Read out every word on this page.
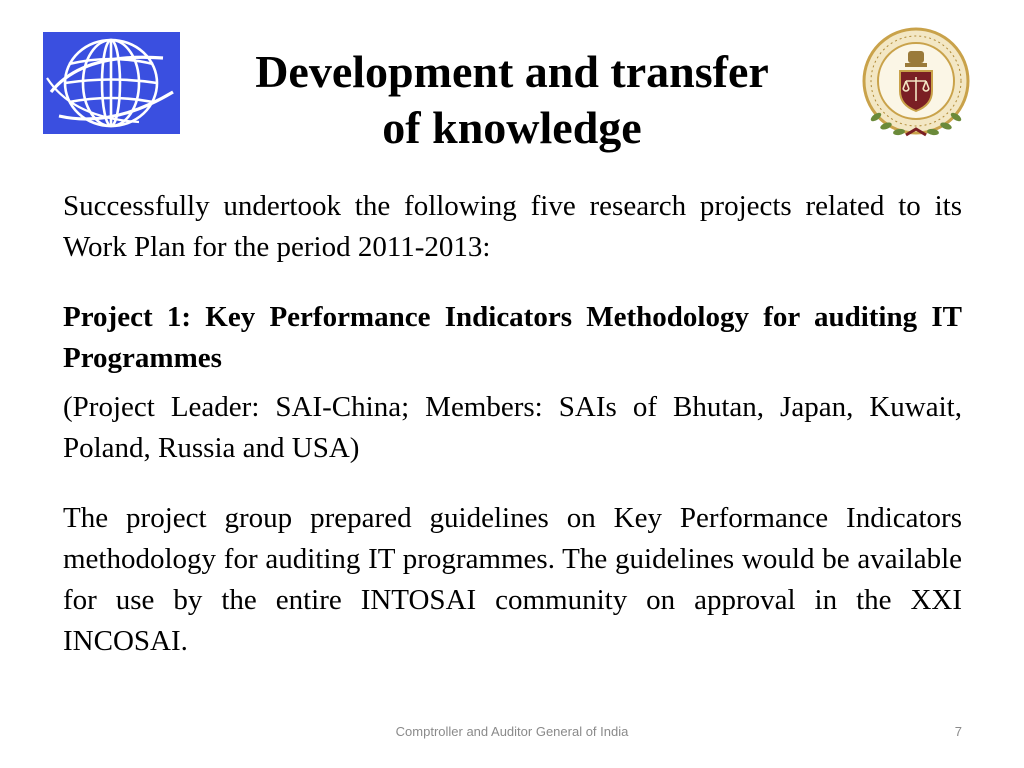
Development and transfer
of knowledge

Successfully undertook the following five research projects related to its Work Plan for the period 2011-2013:

Project 1: Key Performance Indicators Methodology for auditing IT Programmes

(Project Leader: SAI-China; Members: SAIs of Bhutan, Japan, Kuwait, Poland, Russia and USA)

The project group prepared guidelines on Key Performance Indicators methodology for auditing IT programmes. The guidelines would be available for use by the entire INTOSAI community on approval in the XXI INCOSAI.

Comptroller and Auditor General of India	7
